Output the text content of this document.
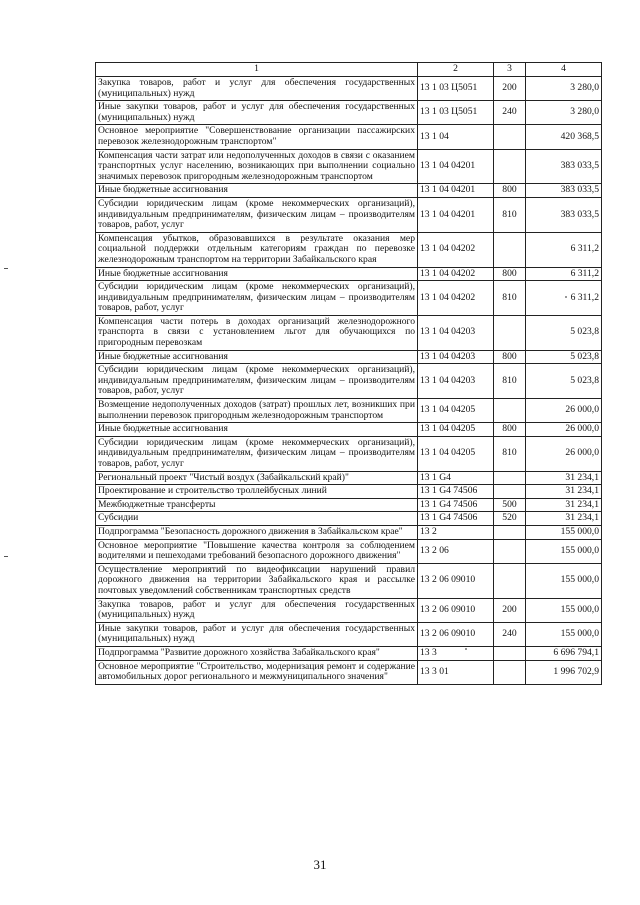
1	2	3	4
Закупка товаров, работ и услуг для обеспечения государственных (муниципальных) нужд	13 1 03 Ц5051	200	3 280,0
Иные закупки товаров, работ и услуг для обеспечения государственных (муниципальных) нужд	13 1 03 Ц5051	240	3 280,0
Основное мероприятие "Совершенствование организации пассажирских перевозок железнодорожным транспортом"	13 1 04		420 368,5
Компенсация части затрат или недополученных доходов в связи с оказанием транспортных услуг населению, возникающих при выполнении социально значимых перевозок пригородным железнодорожным транспортом	13 1 04 04201		383 033,5
Иные бюджетные ассигнования	13 1 04 04201	800	383 033,5
Субсидии юридическим лицам (кроме некоммерческих организаций), индивидуальным предпринимателям, физическим лицам – производителям товаров, работ, услуг	13 1 04 04201	810	383 033,5
Компенсация убытков, образовавшихся в результате оказания мер социальной поддержки отдельным категориям граждан по перевозке железнодорожным транспортом на территории Забайкальского края	13 1 04 04202		6 311,2
Иные бюджетные ассигнования	13 1 04 04202	800	6 311,2
Субсидии юридическим лицам (кроме некоммерческих организаций), индивидуальным предпринимателям, физическим лицам – производителям товаров, работ, услуг	13 1 04 04202	810	6 311,2
Компенсация части потерь в доходах организаций железнодорожного транспорта в связи с установлением льгот для обучающихся по пригородным перевозкам	13 1 04 04203		5 023,8
Иные бюджетные ассигнования	13 1 04 04203	800	5 023,8
Субсидии юридическим лицам (кроме некоммерческих организаций), индивидуальным предпринимателям, физическим лицам – производителям товаров, работ, услуг	13 1 04 04203	810	5 023,8
Возмещение недополученных доходов (затрат) прошлых лет, возникших при выполнении перевозок пригородным железнодорожным транспортом	13 1 04 04205		26 000,0
Иные бюджетные ассигнования	13 1 04 04205	800	26 000,0
Субсидии юридическим лицам (кроме некоммерческих организаций), индивидуальным предпринимателям, физическим лицам – производителям товаров, работ, услуг	13 1 04 04205	810	26 000,0
Региональный проект "Чистый воздух (Забайкальский край)"	13 1 G4		31 234,1
Проектирование и строительство троллейбусных линий	13 1 G4 74506		31 234,1
Межбюджетные трансферты	13 1 G4 74506	500	31 234,1
Субсидии	13 1 G4 74506	520	31 234,1
Подпрограмма "Безопасность дорожного движения в Забайкальском крае"	13 2		155 000,0
Основное мероприятие "Повышение качества контроля за соблюдением водителями и пешеходами требований безопасного дорожного движения"	13 2 06		155 000,0
Осуществление мероприятий по видеофиксации нарушений правил дорожного движения на территории Забайкальского края и рассылке почтовых уведомлений собственникам транспортных средств	13 2 06 09010		155 000,0
Закупка товаров, работ и услуг для обеспечения государственных (муниципальных) нужд	13 2 06 09010	200	155 000,0
Иные закупки товаров, работ и услуг для обеспечения государственных (муниципальных) нужд	13 2 06 09010	240	155 000,0
Подпрограмма "Развитие дорожного хозяйства Забайкальского края"	13 3		6 696 794,1
Основное мероприятие "Строительство, модернизация ремонт и содержание автомобильных дорог регионального и межмуниципального значения"	13 3 01		1 996 702,9
31
